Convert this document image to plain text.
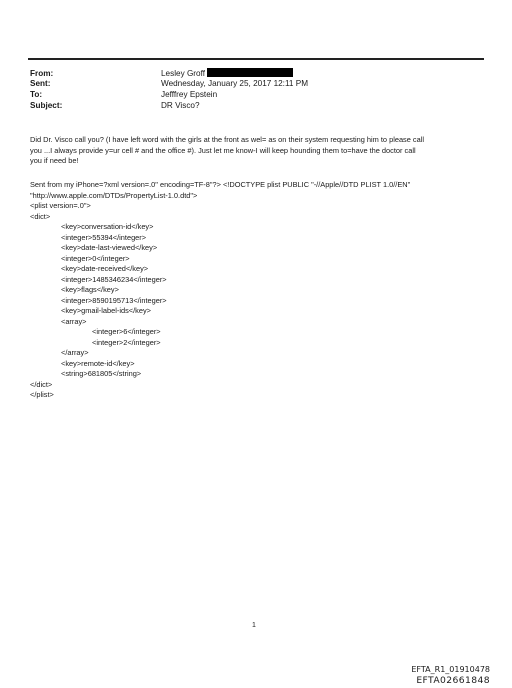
From:	Lesley Groff
Sent:	Wednesday, January 25, 2017 12:11 PM
To:	Jefffrey Epstein
Subject:	DR Visco?
Did Dr. Visco call you? (I have left word with the girls at the front as wel= as on their system requesting him to please call
you ...I always provide y=ur cell # and the office #). Just let me know-I will keep hounding them to=have the doctor call
you if need be!
Sent from my iPhone=?xml version=.0" encoding=TF-8"?> <!DOCTYPE plist PUBLIC "-//Apple//DTD PLIST 1.0//EN"
"http://www.apple.com/DTDs/PropertyList-1.0.dtd">
<plist version=.0">
<dict>
<key>conversation-id</key>
<integer>55394</integer>
<key>date-last-viewed</key>
<integer>0</integer>
<key>date-received</key>
<integer>1485346234</integer>
<key>flags</key>
<integer>8590195713</integer>
<key>gmail-label-ids</key>
<array>
<integer>6</integer>
<integer>2</integer>
</array>
<key>remote-id</key>
<string>681805</string>
</dict>
</plist>
1
EFTA_R1_01910478
EFTA02661848
